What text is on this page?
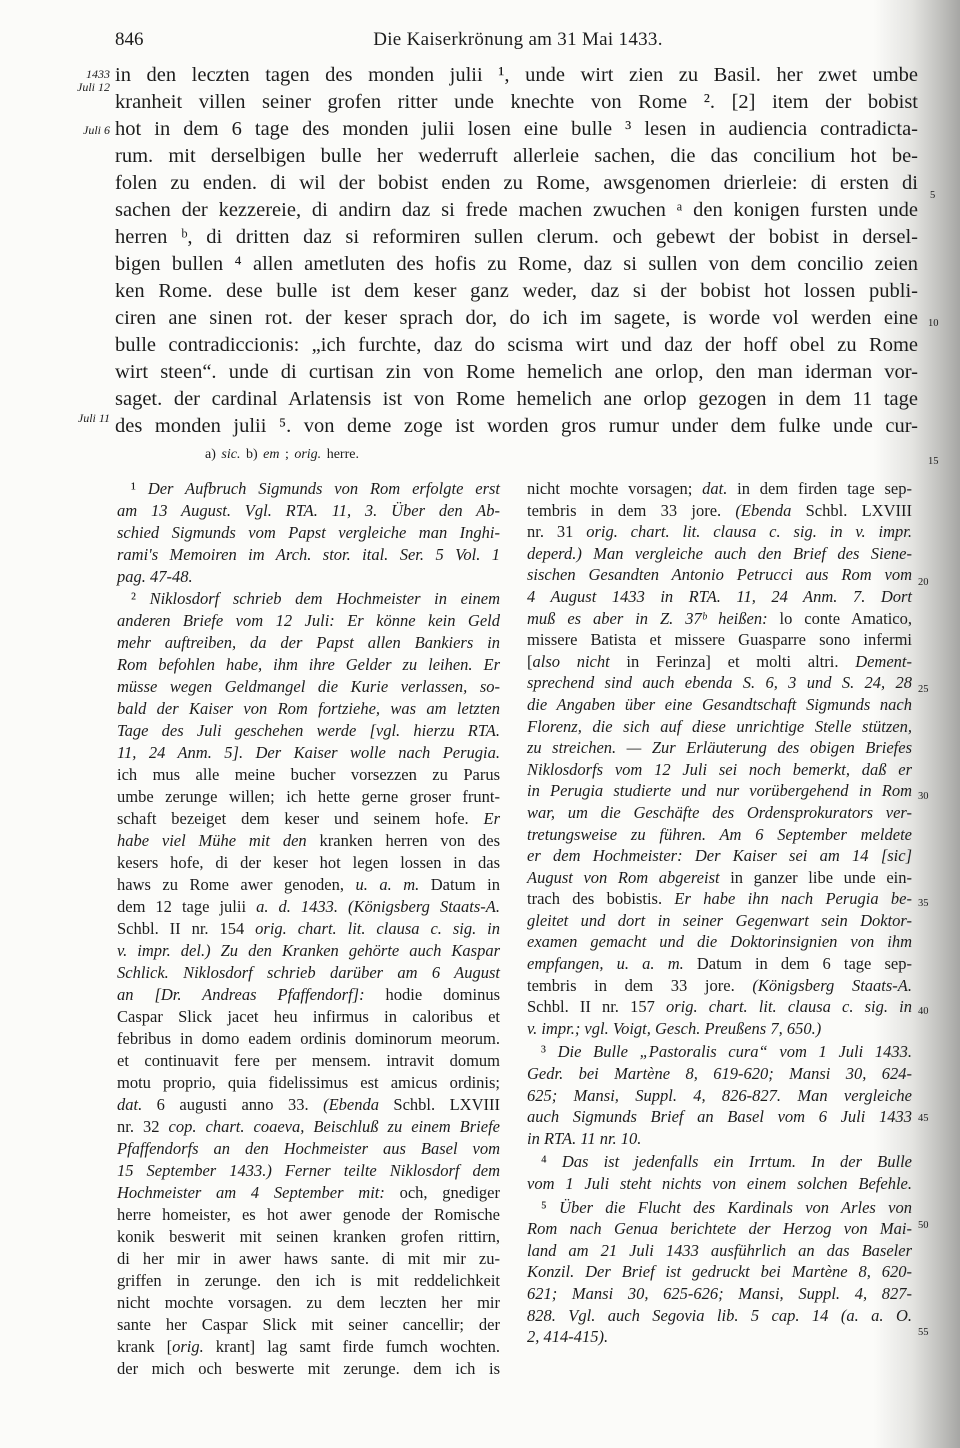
846	Die Kaiserkrönung am 31 Mai 1433.
1433
Juli 12
Juli 6
Juli 11
in den leczten tagen des monden julii ¹, unde wirt zien zu Basil. her zwet umbe
kranheit villen seiner grofen ritter unde knechte von Rome ². [2] item der bobist
hot in dem 6 tage des monden julii losen eine bulle ³ lesen in audiencia contradicta-
rum. mit derselbigen bulle her wederruft allerleie sachen, die das concilium hot be-
folen zu enden. di wil der bobist enden zu Rome, awsgenomen drierleie: di ersten di
sachen der kezzereie, di andirn daz si frede machen zwuchen ᵃ den konigen fursten unde
herren ᵇ, di dritten daz si reformiren sullen clerum. och gebewt der bobist in dersel-
bigen bullen ⁴ allen ametluten des hofis zu Rome, daz si sullen von dem concilio zeien
ken Rome. dese bulle ist dem keser ganz weder, daz si der bobist hot lossen publi-
ciren ane sinen rot. der keser sprach dor, do ich im sagete, is worde vol werden eine
bulle contradiccionis: „ich furchte, daz do scisma wirt und daz der hoff obel zu Rome
wirt steen“. unde di curtisan zin von Rome hemelich ane orlop, den man iderman vor-
saget. der cardinal Arlatensis ist von Rome hemelich ane orlop gezogen in dem 11 tage
des monden julii ⁵. von deme zoge ist worden gros rumur under dem fulke unde cur-
a) sic. b) em ; orig. herre.
¹ Der Aufbruch Sigmunds von Rom erfolgte erst
am 13 August. Vgl. RTA. 11, 3. Über den Ab-
schied Sigmunds vom Papst vergleiche man Inghi-
rami's Memoiren im Arch. stor. ital. Ser. 5 Vol. 1
pag. 47-48.
² Niklosdorf schrieb dem Hochmeister in einem
anderen Briefe vom 12 Juli: Er könne kein Geld
mehr auftreiben, da der Papst allen Bankiers in
Rom befohlen habe, ihm ihre Gelder zu leihen. Er
müsse wegen Geldmangel die Kurie verlassen, so-
bald der Kaiser von Rom fortziehe, was am letzten
Tage des Juli geschehen werde [vgl. hierzu RTA.
11, 24 Anm. 5]. Der Kaiser wolle nach Perugia.
ich mus alle meine bucher vorsezzen zu Parus
umbe zerunge willen; ich hette gerne groser frunt-
schaft bezeiget dem keser und seinem hofe. Er
habe viel Mühe mit den kranken herren von des
kesers hofe, di der keser hot legen lossen in das
haws zu Rome awer genoden, u. a. m. Datum in
dem 12 tage julii a. d. 1433. (Königsberg Staats-A.
Schbl. II nr. 154 orig. chart. lit. clausa c. sig. in
v. impr. del.) Zu den Kranken gehörte auch Kaspar
Schlick. Niklosdorf schrieb darüber am 6 August
an [Dr. Andreas Pfaffendorf]: hodie dominus
Caspar Slick jacet heu infirmus in caloribus et
febribus in domo eadem ordinis dominorum meorum.
et continuavit fere per mensem. intravit domum
motu proprio, quia fidelissimus est amicus ordinis;
dat. 6 augusti anno 33. (Ebenda Schbl. LXVIII
nr. 32 cop. chart. coaeva, Beischluß zu einem Briefe
Pfaffendorfs an den Hochmeister aus Basel vom
15 September 1433.) Ferner teilte Niklosdorf dem
Hochmeister am 4 September mit: och, gnediger
herre homeister, es hot awer genode der Romische
konik beswerit mit seinen kranken grofen rittirn,
di her mir in awer haws sante. di mit mir zu-
griffen in zerunge. den ich is mit reddelichkeit
nicht mochte vorsagen. zu dem leczten her mir
sante her Caspar Slick mit seiner cancellir; der
krank [orig. krant] lag samt firde fumch wochten.
der mich och beswerte mit zerunge. dem ich is
nicht mochte vorsagen; dat. in dem firden tage sep-
tembris in dem 33 jore. (Ebenda Schbl. LXVIII
nr. 31 orig. chart. lit. clausa c. sig. in v. impr.
deperd.) Man vergleiche auch den Brief des Siene-
sischen Gesandten Antonio Petrucci aus Rom vom
4 August 1433 in RTA. 11, 24 Anm. 7. Dort
muß es aber in Z. 37ᵇ heißen: lo conte Amatico,
missere Batista et missere Guasparre sono infermi
[also nicht in Ferinza] et molti altri. Dement-
sprechend sind auch ebenda S. 6, 3 und S. 24, 28
die Angaben über eine Gesandtschaft Sigmunds nach
Florenz, die sich auf diese unrichtige Stelle stützen,
zu streichen. — Zur Erläuterung des obigen Briefes
Niklosdorfs vom 12 Juli sei noch bemerkt, daß er
in Perugia studierte und nur vorübergehend in Rom
war, um die Geschäfte des Ordensprokurators ver-
tretungsweise zu führen. Am 6 September meldete
er dem Hochmeister: Der Kaiser sei am 14 [sic]
August von Rom abgereist in ganzer libe unde ein-
trach des bobistis. Er habe ihn nach Perugia be-
gleitet und dort in seiner Gegenwart sein Doktor-
examen gemacht und die Doktorinsignien von ihm
empfangen, u. a. m. Datum in dem 6 tage sep-
tembris in dem 33 jore. (Königsberg Staats-A.
Schbl. II nr. 157 orig. chart. lit. clausa c. sig. in
v. impr.; vgl. Voigt, Gesch. Preußens 7, 650.)
³ Die Bulle „Pastoralis cura“ vom 1 Juli 1433.
Gedr. bei Martène 8, 619-620; Mansi 30, 624-
625; Mansi, Suppl. 4, 826-827. Man vergleiche
auch Sigmunds Brief an Basel vom 6 Juli 1433
in RTA. 11 nr. 10.
⁴ Das ist jedenfalls ein Irrtum. In der Bulle
vom 1 Juli steht nichts von einem solchen Befehle.
⁵ Über die Flucht des Kardinals von Arles von
Rom nach Genua berichtete der Herzog von Mai-
land am 21 Juli 1433 ausführlich an das Baseler
Konzil. Der Brief ist gedruckt bei Martène 8, 620-
621; Mansi 30, 625-626; Mansi, Suppl. 4, 827-
828. Vgl. auch Segovia lib. 5 cap. 14 (a. a. O.
2, 414-415).
5
10
15
20
25
30
35
40
45
50
55
